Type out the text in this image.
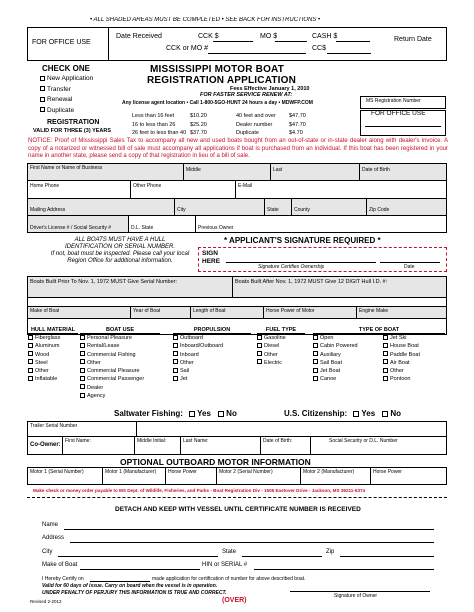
• ALL SHADED AREAS MUST BE COMPLETED • SEE BACK FOR INSTRUCTIONS •
FOR OFFICE USE
Date Received	CCK $	MO $	CASH $	Return Date
CCK or MO #	CC$
CHECK ONE
New Application
Transfer
Renewal
Duplicate
REGISTRATION
VALID FOR THREE (3) YEARS
MISSISSIPPI MOTOR BOAT
REGISTRATION APPLICATION
Fees Effective January 1, 2010
FOR FASTER SERVICE RENEW AT:
Any license agent location • Call 1-800-5GO-HUNT 24 hours a day • MDWFP.COM
Less than 16 feet	$10.20	40 feet and over	$47.70
16 to less than 26	$25.20	Dealer number	$47.70
26 feet to less than 40 $37.70	Duplicate	$4.70
MS Registration Number
FOR OFFICE USE
NOTICE: Proof of Mississippi Sales Tax to accompany all new and used boats bought from an out-of-state or in-state dealer along with dealer's invoice. A copy of a notarized or witnessed bill of sale must accompany all applications if boat is purchased from an individual. If this boat has been registered in your name in another state, please send a copy of that registration in lieu of a bill of sale.
First Name or Name of Business	Middle	Last	Date of Birth
Home Phone	Other Phone	E-Mail
Mailing Address	City	State	County	Zip Code
Driver's License # / Social Security #	D.L. State	Previous Owner
ALL BOATS MUST HAVE A HULL
IDENTIFICATION OR SERIAL NUMBER.
If not, boat must be inspected. Please call your local
Region Office for additional information.
* APPLICANT'S SIGNATURE REQUIRED *
SIGN HERE
Signature Certifies Ownership	Date
Boats Built Prior To Nov. 1, 1972 MUST Give Serial Number:	Boats Built After Nov. 1, 1972 MUST Give 12 DIGIT Hull I.D. #:
Make of Boat	Year of Boat	Length of Boat	Horse Power of Motor	Engine Make
HULL MATERIAL
Fiberglass
Aluminum
Wood
Steel
Other
Inflatable
BOAT USE
Personal Pleasure
Rental/Lease
Commercial Fishing
Other
Commercial Pleasure
Commercial Passenger
Dealer
Agency
PROPULSION
Outboard
Inboard/Outboard
Inboard
Other
Sail
Jet
FUEL TYPE
Gasoline
Diesel
Other
Electric
TYPE OF BOAT
Open
Cabin Powered
Auxiliary
Sail Boat
Jet Boat
Canoe
Jet Ski
House Boat
Paddle Boat
Air Boat
Other
Pontoon
Saltwater Fishing: Yes No	U.S. Citizenship: Yes No
Trailer Serial Number
Co-Owner:
First Name:	Middle Initial:	Last Name:	Date of Birth:	Social Security or D.L. Number
OPTIONAL OUTBOARD MOTOR INFORMATION
Motor 1 (Serial Number)	Motor 1 (Manufacturer) Horse Power	Motor 2 (Serial Number)	Motor 2 (Manufacturer)	Horse Power
Make check or money order payable to MS Dept. of Wildlife, Fisheries, and Parks - Boat Registration Div - 1505 Eastover Drive - Jackson, MS 39211-6374
DETACH AND KEEP WITH VESSEL UNTIL CERTIFICATE NUMBER IS RECEIVED
Name
Address
City	State	Zip
Make of Boat	HIN or SERIAL #
I Hereby Certify on	made application for certification of number for above described boat.
Valid for 60 days of issue. Carry on board when the vessel is in operation.
UNDER PENALTY OF PERJURY THIS INFORMATION IS TRUE AND CORRECT.	Signature of Owner
Revised 2-2012	(OVER)
